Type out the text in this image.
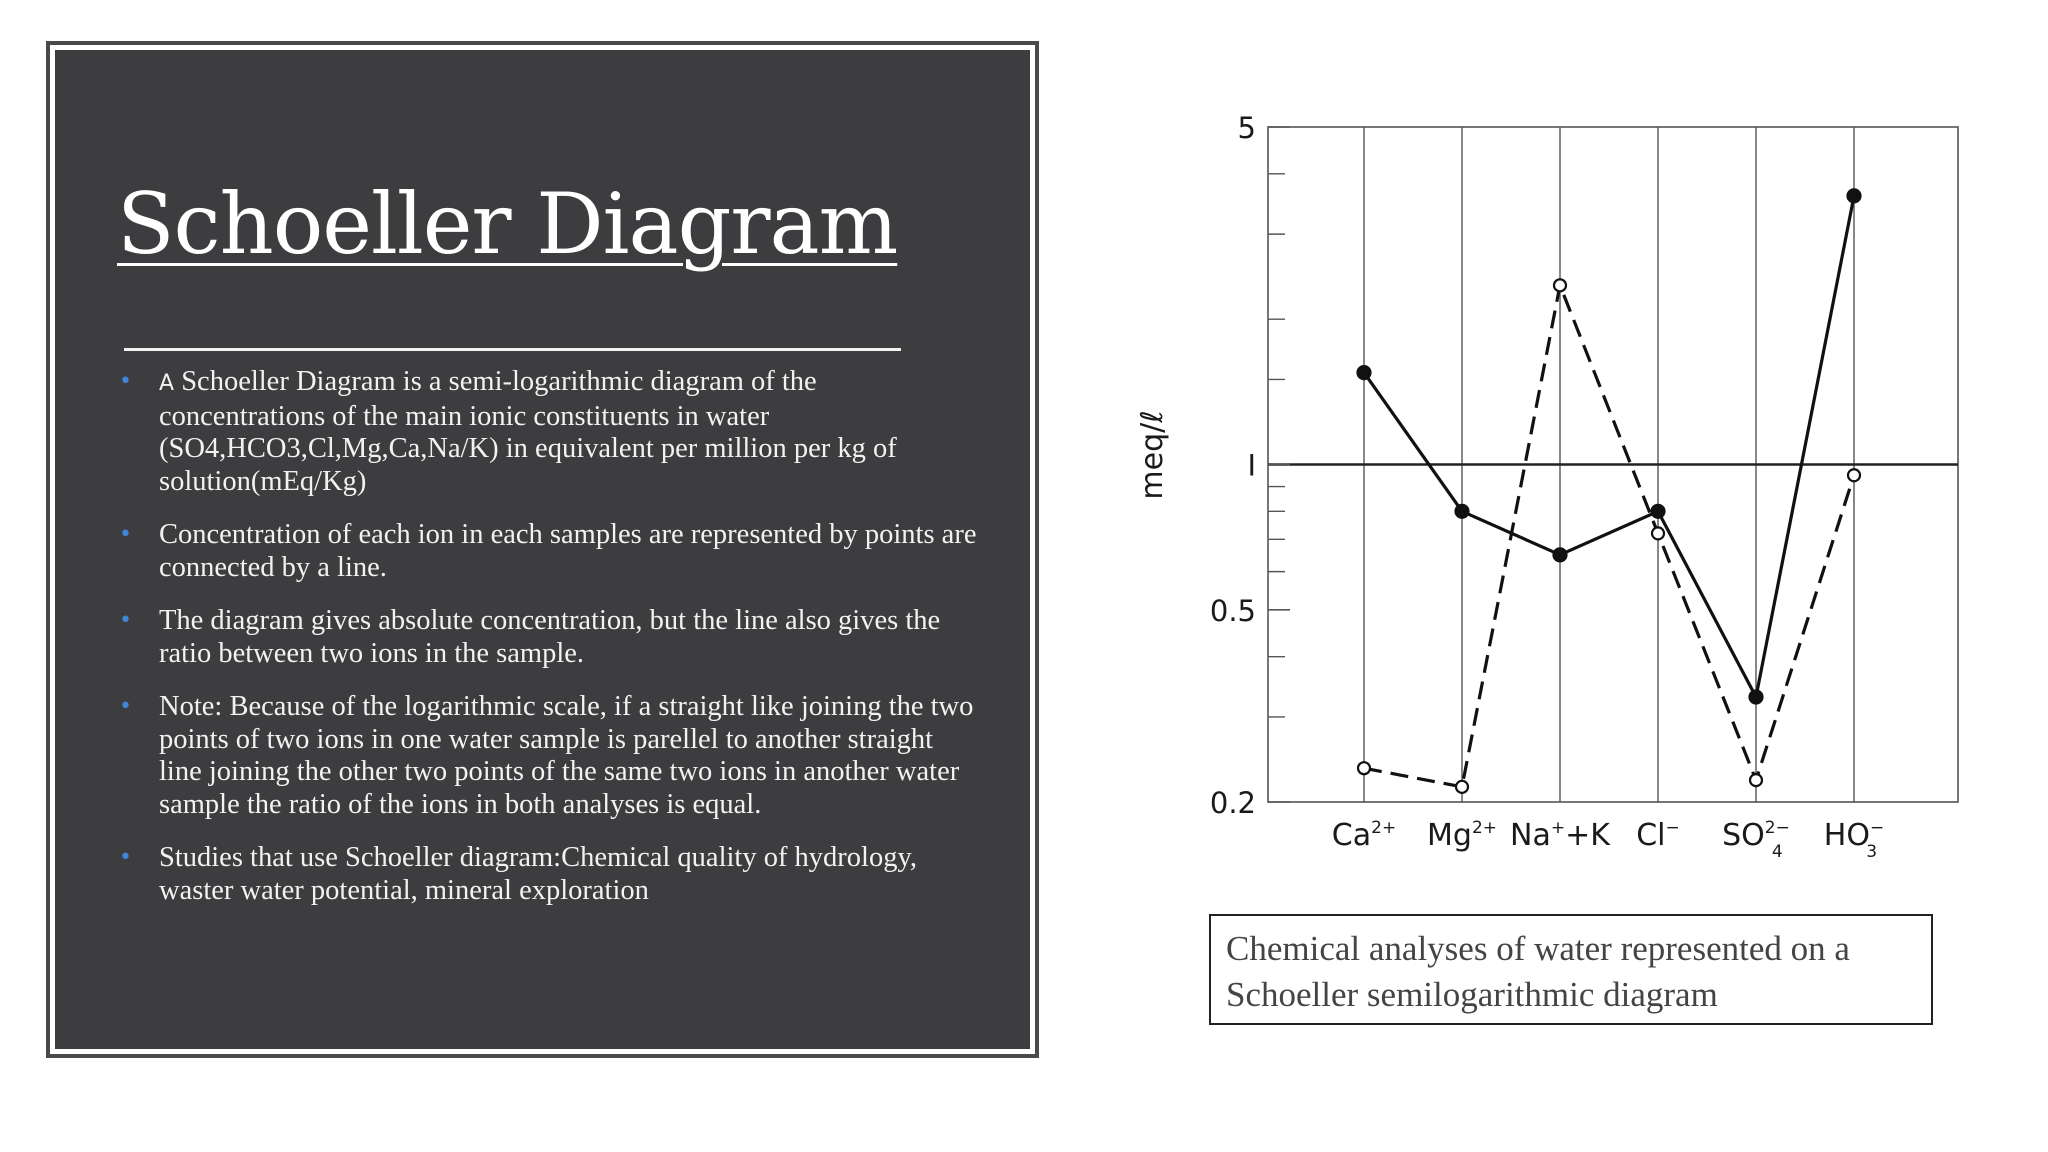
Schoeller Diagram
• A Schoeller Diagram is a semi-logarithmic diagram of the concentrations of the main ionic constituents in water (SO4,HCO3,Cl,Mg,Ca,Na/K) in equivalent per million per kg of solution(mEq/Kg)
• Concentration of each ion in each samples are represented by points are connected by a line.
• The diagram gives absolute concentration, but the line also gives the ratio between two ions in the sample.
• Note: Because of the logarithmic scale, if a straight like joining the two points of two ions in one water sample is parellel to another straight line joining the other two points of the same two ions in another water sample the ratio of the ions in both analyses is equal.
• Studies that use Schoeller diagram:Chemical quality of hydrology, waster water potential, mineral exploration
0.2
0.5
I
5
meq/ℓ
$Ca^{2+}$ $Mg^{2+}$ Na++K Cl− $SO^{2-}$ 4 HO− 3
Chemical analyses of water represented on a Schoeller semilogarithmic diagram
